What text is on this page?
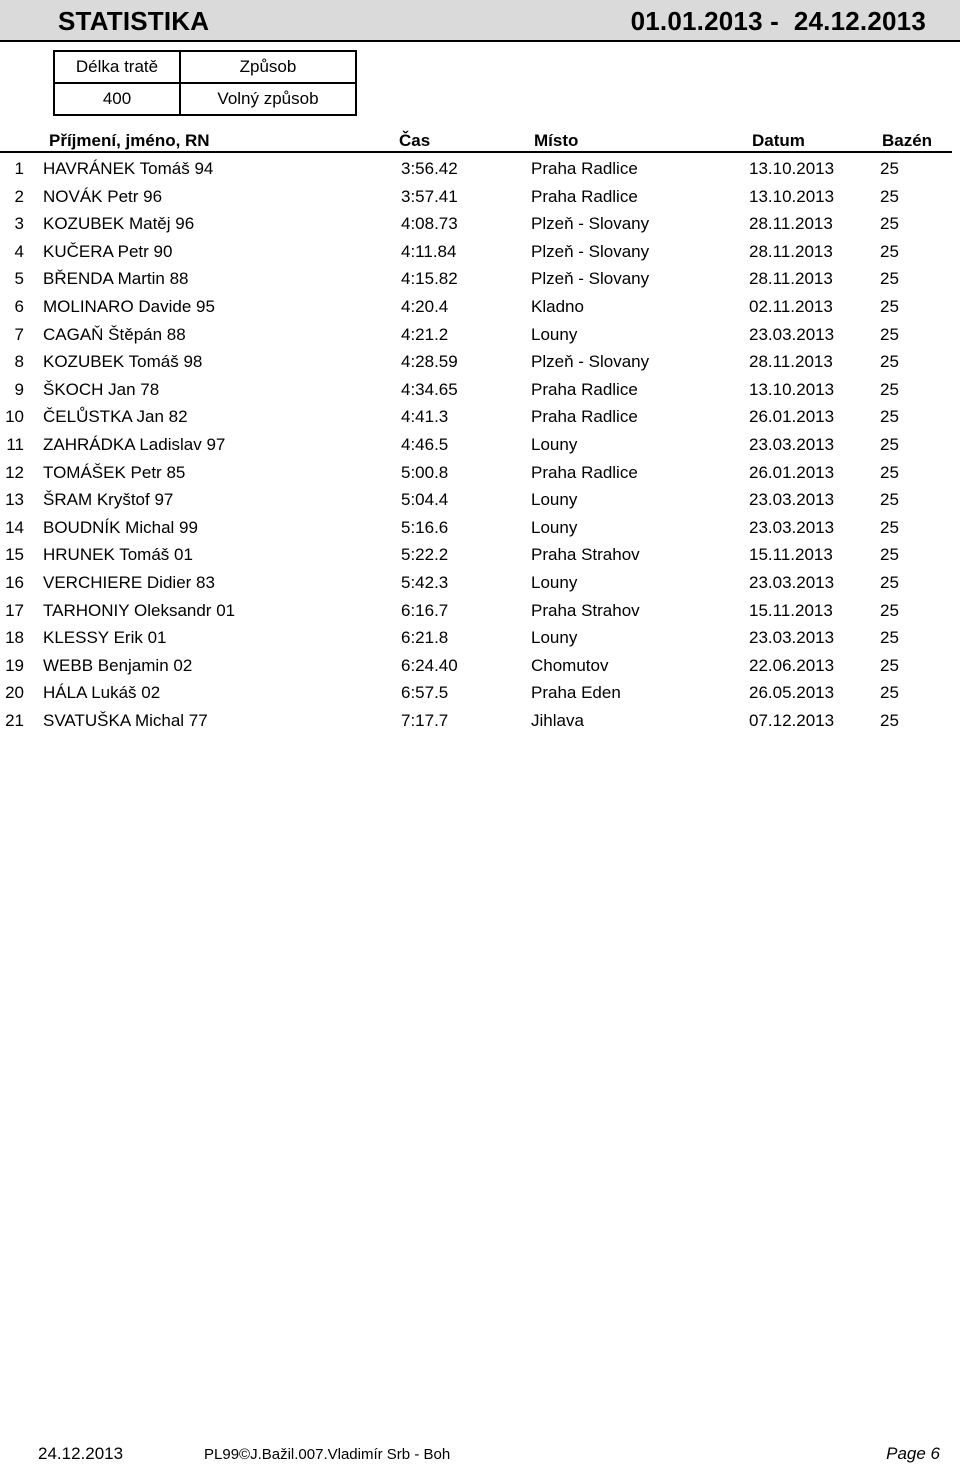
STATISTIKA	01.01.2013 -  24.12.2013
Délka tratě	Způsob
400	Volný způsob
Příjmení, jméno, RN	Čas	Místo	Datum	Bazén
1 HAVRÁNEK Tomáš 94	3:56.42	Praha Radlice	13.10.2013	25
2 NOVÁK Petr 96	3:57.41	Praha Radlice	13.10.2013	25
3 KOZUBEK Matěj 96	4:08.73	Plzeň - Slovany	28.11.2013	25
4 KUČERA Petr 90	4:11.84	Plzeň - Slovany	28.11.2013	25
5 BŘENDA Martin 88	4:15.82	Plzeň - Slovany	28.11.2013	25
6 MOLINARO Davide 95	4:20.4	Kladno	02.11.2013	25
7 CAGAŇ Štěpán 88	4:21.2	Louny	23.03.2013	25
8 KOZUBEK Tomáš 98	4:28.59	Plzeň - Slovany	28.11.2013	25
9 ŠKOCH Jan 78	4:34.65	Praha Radlice	13.10.2013	25
10 ČELŮSTKA Jan 82	4:41.3	Praha Radlice	26.01.2013	25
11 ZAHRÁDKA Ladislav 97	4:46.5	Louny	23.03.2013	25
12 TOMÁŠEK Petr 85	5:00.8	Praha Radlice	26.01.2013	25
13 ŠRAM Kryštof 97	5:04.4	Louny	23.03.2013	25
14 BOUDNÍK Michal 99	5:16.6	Louny	23.03.2013	25
15 HRUNEK Tomáš 01	5:22.2	Praha Strahov	15.11.2013	25
16 VERCHIERE Didier 83	5:42.3	Louny	23.03.2013	25
17 TARHONIY Oleksandr 01	6:16.7	Praha Strahov	15.11.2013	25
18 KLESSY Erik 01	6:21.8	Louny	23.03.2013	25
19 WEBB Benjamin 02	6:24.40	Chomutov	22.06.2013	25
20 HÁLA Lukáš 02	6:57.5	Praha Eden	26.05.2013	25
21 SVATUŠKA Michal 77	7:17.7	Jihlava	07.12.2013	25
24.12.2013	PL99©J.Bažil.007.Vladimír Srb - Boh	Page 6
